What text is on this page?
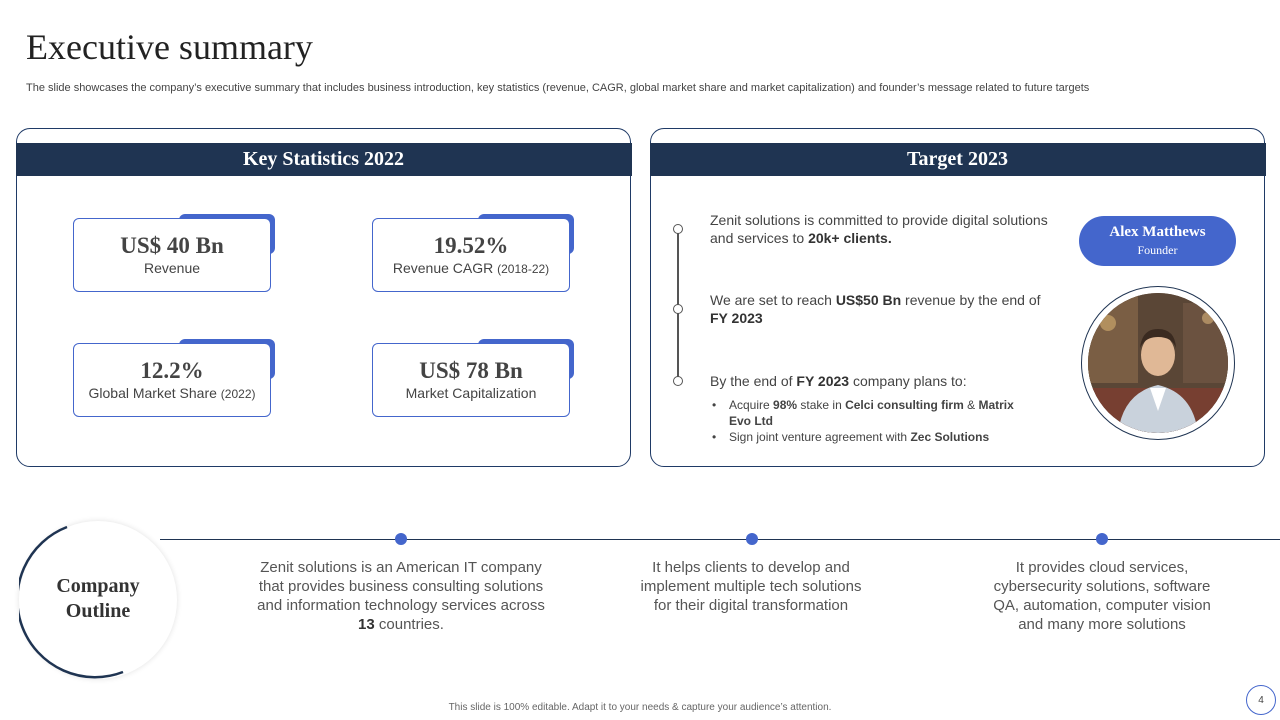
Executive summary
The slide showcases the company’s executive summary that includes business introduction, key statistics (revenue, CAGR, global market share and market capitalization) and founder’s message related to future targets
Key Statistics 2022
US$ 40 Bn
Revenue
19.52%
Revenue CAGR (2018-22)
12.2%
Global Market Share (2022)
US$ 78 Bn
Market Capitalization
Target 2023
Zenit solutions is committed to provide digital solutions and services to 20k+ clients.
We are set to reach US$50 Bn revenue by the end of FY 2023
By the end of FY 2023 company plans to:
• Acquire 98% stake in Celci consulting firm & Matrix Evo Ltd
• Sign joint venture agreement with Zec Solutions
Alex Matthews
Founder
Company
Outline
Zenit solutions is an American IT company that provides business consulting solutions and information technology services across 13 countries.
It helps clients to develop and implement multiple tech solutions for their digital transformation
It provides cloud services, cybersecurity solutions, software QA, automation, computer vision and many more solutions
This slide is 100% editable. Adapt it to your needs & capture your audience’s attention.
4
